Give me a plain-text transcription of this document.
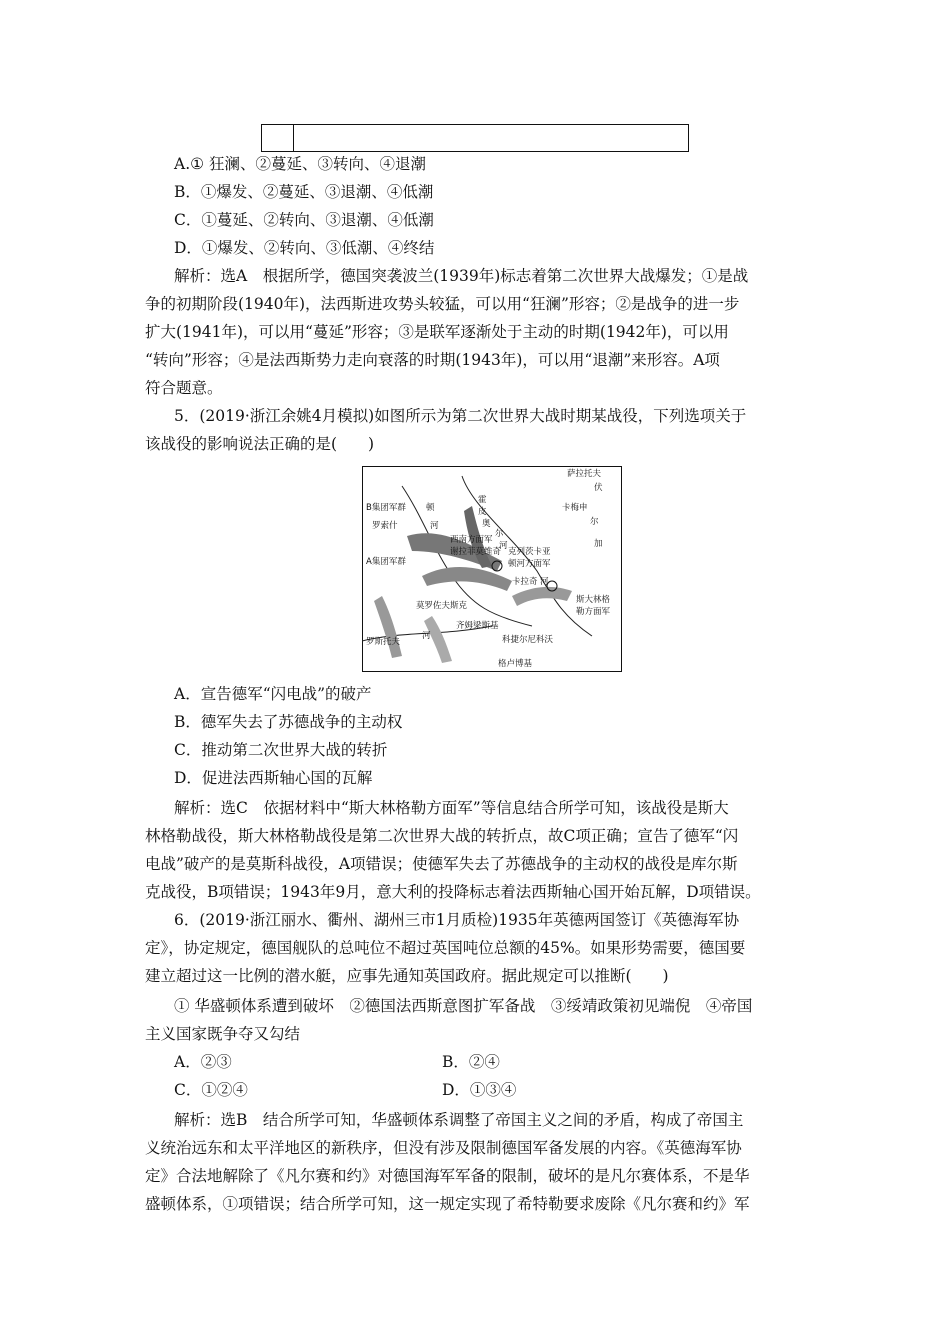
A.① 狂澜、②蔓延、③转向、④退潮
B．①爆发、②蔓延、③退潮、④低潮
C．①蔓延、②转向、③退潮、④低潮
D．①爆发、②转向、③低潮、④终结
解析：选A　根据所学，德国突袭波兰(1939年)标志着第二次世界大战爆发；①是战
争的初期阶段(1940年)，法西斯进攻势头较猛，可以用“狂澜”形容；②是战争的进一步
扩大(1941年)，可以用“蔓延”形容；③是联军逐渐处于主动的时期(1942年)，可以用
“转向”形容；④是法西斯势力走向衰落的时期(1943年)，可以用“退潮”来形容。A项
符合题意。
5．(2019·浙江余姚4月模拟)如图所示为第二次世界大战时期某战役，下列选项关于
该战役的影响说法正确的是(　　)
萨拉托夫
伏
卡梅申
尔
加
B集团军群 顿
罗索什	河
霍
皮
奥
尔
河
西南方面军
谢拉菲莫维奇 克列茨卡亚
顿河方面军
A集团军群
卡拉奇 河
斯大林格
勒方面军
莫罗佐夫斯克
齐姆梁斯基
科捷尔尼科沃
罗斯托夫
河
格卢博基
A．宣告德军“闪电战”的破产
B．德军失去了苏德战争的主动权
C．推动第二次世界大战的转折
D．促进法西斯轴心国的瓦解
解析：选C　依据材料中“斯大林格勒方面军”等信息结合所学可知，该战役是斯大
林格勒战役，斯大林格勒战役是第二次世界大战的转折点，故C项正确；宣告了德军“闪
电战”破产的是莫斯科战役，A项错误；使德军失去了苏德战争的主动权的战役是库尔斯
克战役，B项错误；1943年9月，意大利的投降标志着法西斯轴心国开始瓦解，D项错误。
6．(2019·浙江丽水、衢州、湖州三市1月质检)1935年英德两国签订《英德海军协
定》，协定规定，德国舰队的总吨位不超过英国吨位总额的45%。如果形势需要，德国要
建立超过这一比例的潜水艇，应事先通知英国政府。据此规定可以推断(　　)
① 华盛顿体系遭到破坏　②德国法西斯意图扩军备战　③绥靖政策初见端倪　④帝国
主义国家既争夺又勾结
A．②③	B．②④
C．①②④	D．①③④
解析：选B　结合所学可知，华盛顿体系调整了帝国主义之间的矛盾，构成了帝国主
义统治远东和太平洋地区的新秩序，但没有涉及限制德国军备发展的内容。《英德海军协
定》合法地解除了《凡尔赛和约》对德国海军军备的限制，破坏的是凡尔赛体系，不是华
盛顿体系，①项错误；结合所学可知，这一规定实现了希特勒要求废除《凡尔赛和约》军
